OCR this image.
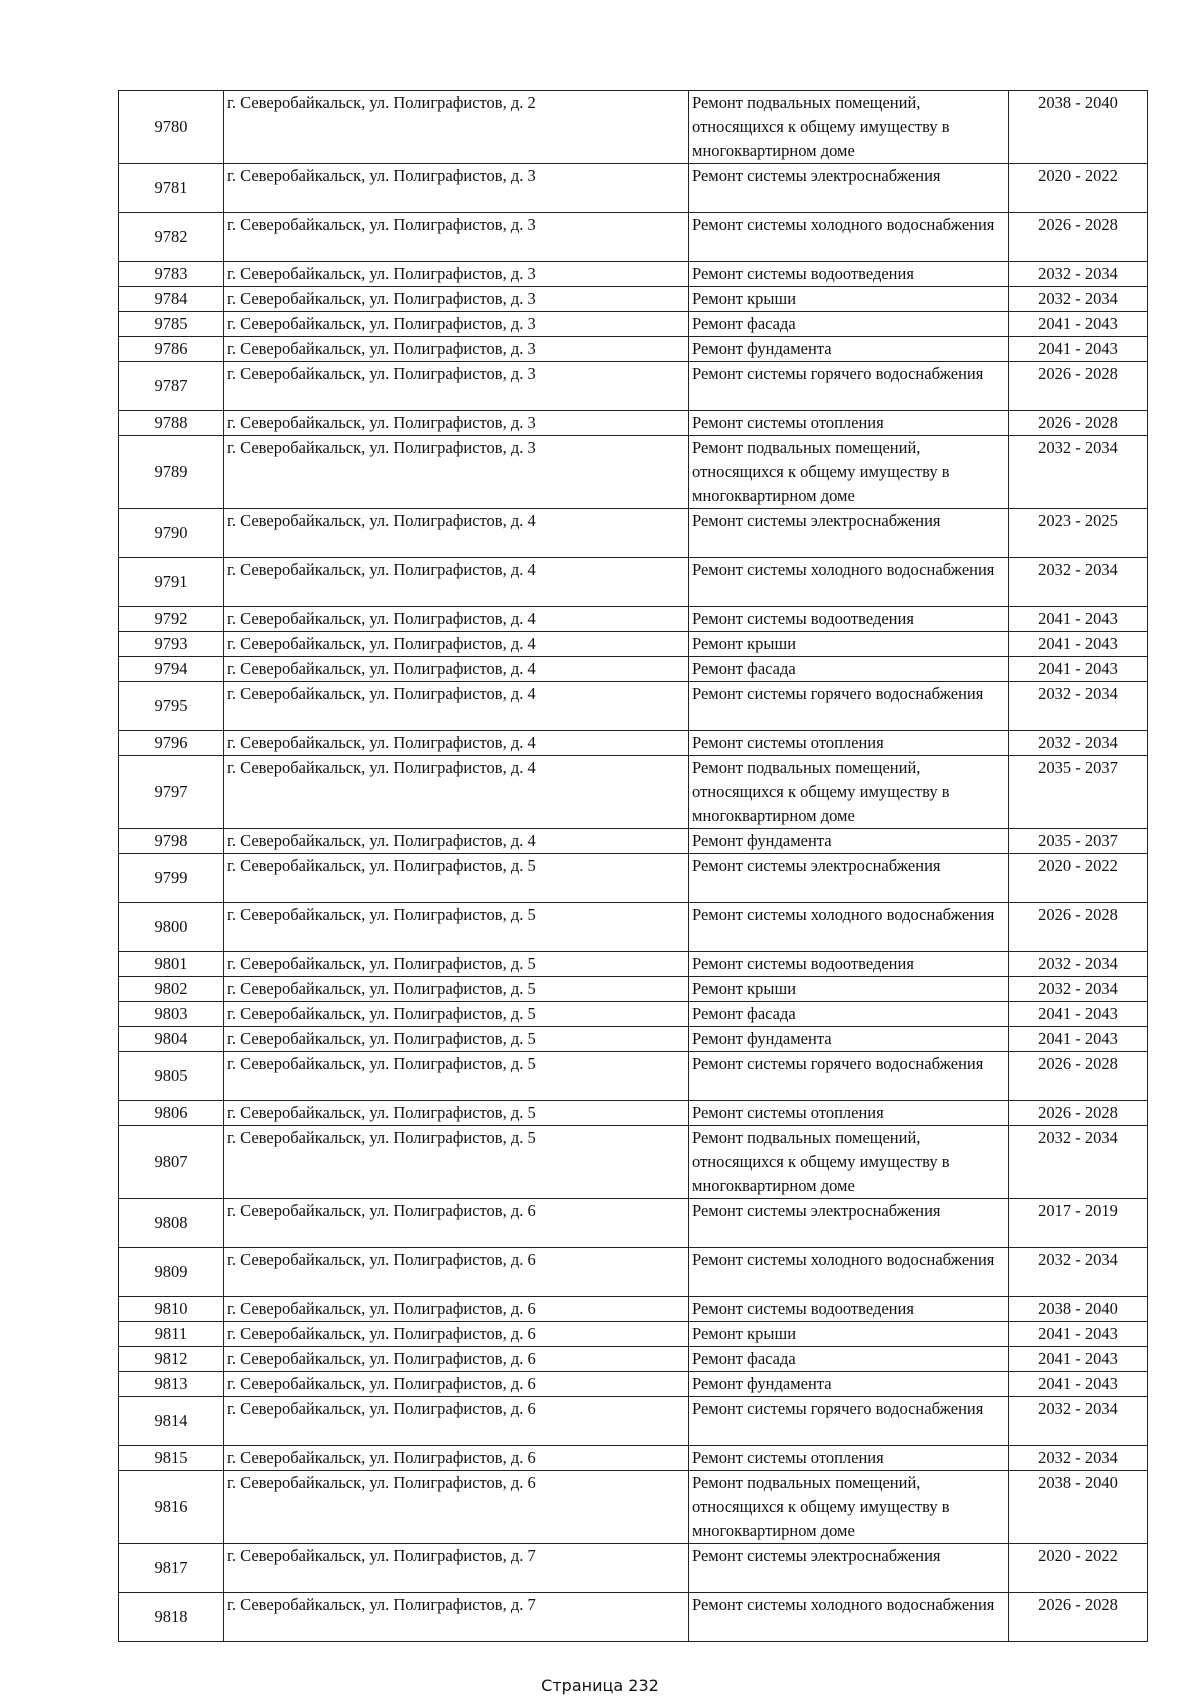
9780	г. Северобайкальск, ул. Полиграфистов, д. 2	Ремонт подвальных помещений, относящихся к общему имуществу в многоквартирном доме	2038 - 2040
9781	г. Северобайкальск, ул. Полиграфистов, д. 3	Ремонт системы электроснабжения	2020 - 2022
9782	г. Северобайкальск, ул. Полиграфистов, д. 3	Ремонт системы холодного водоснабжения	2026 - 2028
9783	г. Северобайкальск, ул. Полиграфистов, д. 3	Ремонт системы водоотведения	2032 - 2034
9784	г. Северобайкальск, ул. Полиграфистов, д. 3	Ремонт крыши	2032 - 2034
9785	г. Северобайкальск, ул. Полиграфистов, д. 3	Ремонт фасада	2041 - 2043
9786	г. Северобайкальск, ул. Полиграфистов, д. 3	Ремонт фундамента	2041 - 2043
9787	г. Северобайкальск, ул. Полиграфистов, д. 3	Ремонт системы горячего водоснабжения	2026 - 2028
9788	г. Северобайкальск, ул. Полиграфистов, д. 3	Ремонт системы отопления	2026 - 2028
9789	г. Северобайкальск, ул. Полиграфистов, д. 3	Ремонт подвальных помещений, относящихся к общему имуществу в многоквартирном доме	2032 - 2034
9790	г. Северобайкальск, ул. Полиграфистов, д. 4	Ремонт системы электроснабжения	2023 - 2025
9791	г. Северобайкальск, ул. Полиграфистов, д. 4	Ремонт системы холодного водоснабжения	2032 - 2034
9792	г. Северобайкальск, ул. Полиграфистов, д. 4	Ремонт системы водоотведения	2041 - 2043
9793	г. Северобайкальск, ул. Полиграфистов, д. 4	Ремонт крыши	2041 - 2043
9794	г. Северобайкальск, ул. Полиграфистов, д. 4	Ремонт фасада	2041 - 2043
9795	г. Северобайкальск, ул. Полиграфистов, д. 4	Ремонт системы горячего водоснабжения	2032 - 2034
9796	г. Северобайкальск, ул. Полиграфистов, д. 4	Ремонт системы отопления	2032 - 2034
9797	г. Северобайкальск, ул. Полиграфистов, д. 4	Ремонт подвальных помещений, относящихся к общему имуществу в многоквартирном доме	2035 - 2037
9798	г. Северобайкальск, ул. Полиграфистов, д. 4	Ремонт фундамента	2035 - 2037
9799	г. Северобайкальск, ул. Полиграфистов, д. 5	Ремонт системы электроснабжения	2020 - 2022
9800	г. Северобайкальск, ул. Полиграфистов, д. 5	Ремонт системы холодного водоснабжения	2026 - 2028
9801	г. Северобайкальск, ул. Полиграфистов, д. 5	Ремонт системы водоотведения	2032 - 2034
9802	г. Северобайкальск, ул. Полиграфистов, д. 5	Ремонт крыши	2032 - 2034
9803	г. Северобайкальск, ул. Полиграфистов, д. 5	Ремонт фасада	2041 - 2043
9804	г. Северобайкальск, ул. Полиграфистов, д. 5	Ремонт фундамента	2041 - 2043
9805	г. Северобайкальск, ул. Полиграфистов, д. 5	Ремонт системы горячего водоснабжения	2026 - 2028
9806	г. Северобайкальск, ул. Полиграфистов, д. 5	Ремонт системы отопления	2026 - 2028
9807	г. Северобайкальск, ул. Полиграфистов, д. 5	Ремонт подвальных помещений, относящихся к общему имуществу в многоквартирном доме	2032 - 2034
9808	г. Северобайкальск, ул. Полиграфистов, д. 6	Ремонт системы электроснабжения	2017 - 2019
9809	г. Северобайкальск, ул. Полиграфистов, д. 6	Ремонт системы холодного водоснабжения	2032 - 2034
9810	г. Северобайкальск, ул. Полиграфистов, д. 6	Ремонт системы водоотведения	2038 - 2040
9811	г. Северобайкальск, ул. Полиграфистов, д. 6	Ремонт крыши	2041 - 2043
9812	г. Северобайкальск, ул. Полиграфистов, д. 6	Ремонт фасада	2041 - 2043
9813	г. Северобайкальск, ул. Полиграфистов, д. 6	Ремонт фундамента	2041 - 2043
9814	г. Северобайкальск, ул. Полиграфистов, д. 6	Ремонт системы горячего водоснабжения	2032 - 2034
9815	г. Северобайкальск, ул. Полиграфистов, д. 6	Ремонт системы отопления	2032 - 2034
9816	г. Северобайкальск, ул. Полиграфистов, д. 6	Ремонт подвальных помещений, относящихся к общему имуществу в многоквартирном доме	2038 - 2040
9817	г. Северобайкальск, ул. Полиграфистов, д. 7	Ремонт системы электроснабжения	2020 - 2022
9818	г. Северобайкальск, ул. Полиграфистов, д. 7	Ремонт системы холодного водоснабжения	2026 - 2028
Страница 232
